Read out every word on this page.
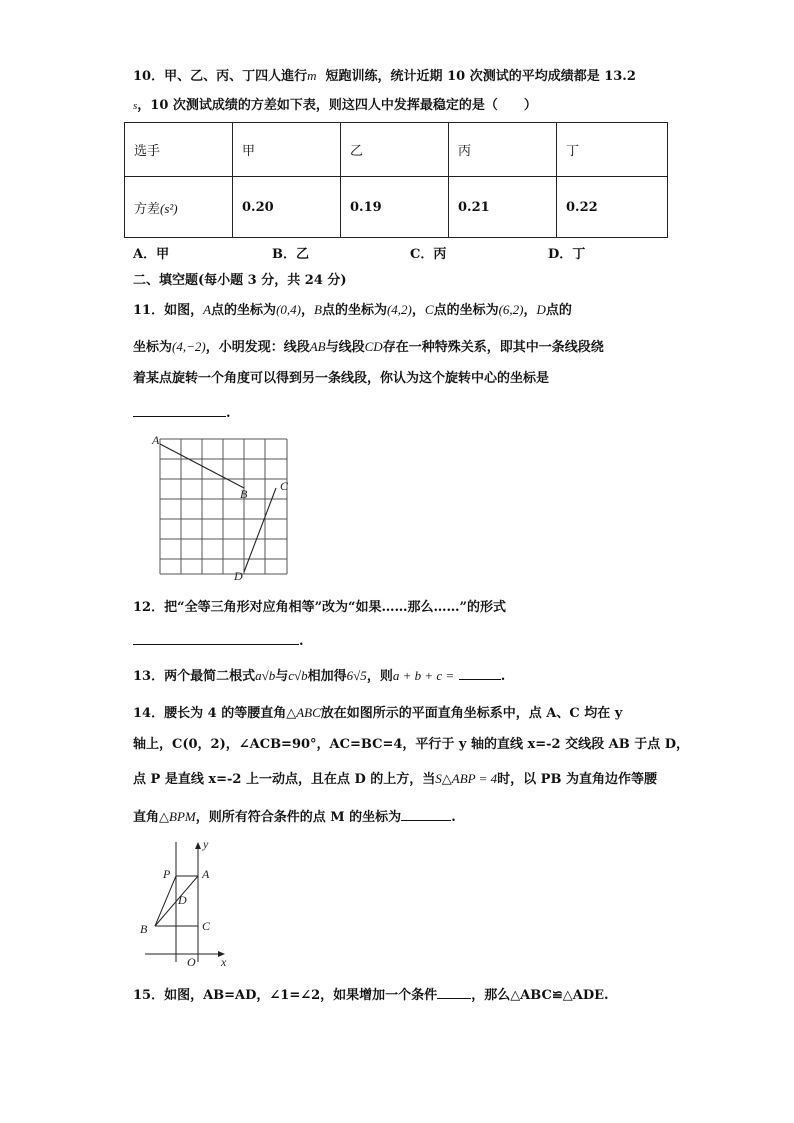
10．甲、乙、丙、丁四人進行m 短跑训练，统计近期 10 次测试的平均成绩都是 13.2
s，10 次测试成绩的方差如下表，则这四人中发挥最稳定的是（　　）
选手	甲	乙	丙	丁
方差(s²)	0.20	0.19	0.21	0.22
A．甲	B．乙	C．丙	D．丁
二、填空题(每小题 3 分，共 24 分)
11．如图，A点的坐标为(0,4)，B点的坐标为(4,2)，C点的坐标为(6,2)，D点的
坐标为(4,−2)，小明发现：线段AB与线段CD存在一种特殊关系，即其中一条线段绕
着某点旋转一个角度可以得到另一条线段，你认为这个旋转中心的坐标是
.
A
B
C
D
12．把“全等三角形对应角相等”改为“如果……那么……”的形式
.
13．两个最简二根式a√b与c√b相加得6√5，则a + b + c =	.
14．腰长为 4 的等腰直角△ABC放在如图所示的平面直角坐标系中，点 A、C 均在 y
轴上，C(0，2)，∠ACB=90°，AC=BC=4，平行于 y 轴的直线 x=-2 交线段 AB 于点 D，
点 P 是直线 x=-2 上一动点，且在点 D 的上方，当S△ABP = 4时，以 PB 为直角边作等腰
直角△BPM，则所有符合条件的点 M 的坐标为	.
y
x
P	A
D
B	C
O
15．如图，AB=AD，∠1=∠2，如果增加一个条件	，那么△ABC≌△ADE.
